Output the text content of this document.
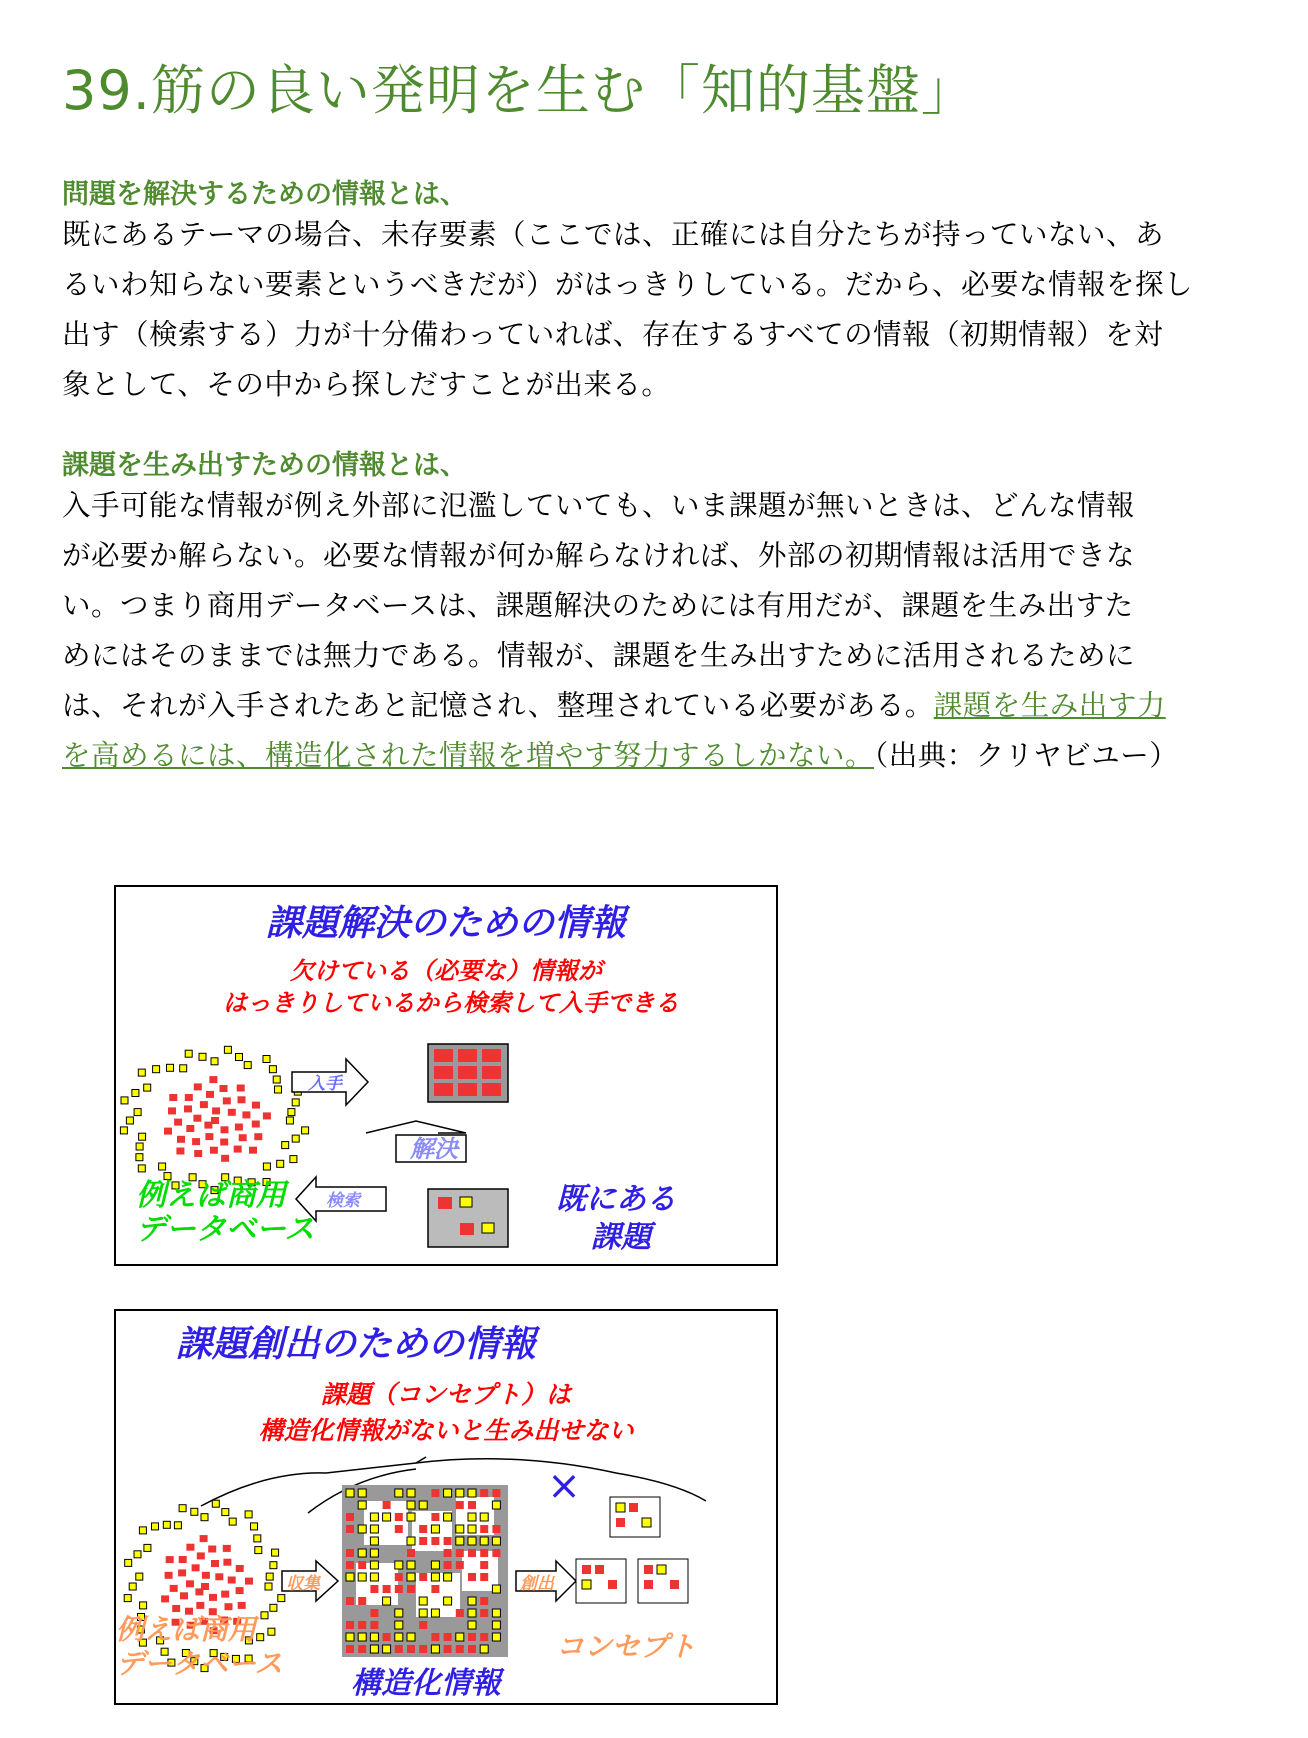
39.筋の良い発明を生む「知的基盤」
問題を解決するための情報とは、
既にあるテーマの場合、未存要素（ここでは、正確には自分たちが持っていない、あ
るいわ知らない要素というべきだが）がはっきりしている。だから、必要な情報を探し
出す（検索する）力が十分備わっていれば、存在するすべての情報（初期情報）を対
象として、その中から探しだすことが出来る。
課題を生み出すための情報とは、
入手可能な情報が例え外部に氾濫していても、いま課題が無いときは、どんな情報
が必要か解らない。必要な情報が何か解らなければ、外部の初期情報は活用できな
い。つまり商用データベースは、課題解決のためには有用だが、課題を生み出すた
めにはそのままでは無力である。情報が、課題を生み出すために活用されるために
は、それが入手されたあと記憶され、整理されている必要がある。課題を生み出す力
を高めるには、構造化された情報を増やす努力するしかない。（出典：クリヤビユー）
課題解決のための情報
欠けている（必要な）情報が
はっきりしているから検索して入手できる
入手
解決
検索
例えば商用
データベース
既にある
課題
課題創出のための情報
課題（コンセプト）は
構造化情報がないと生み出せない
×
収集	創出
例えば商用
データベース
構造化情報
コンセプト
